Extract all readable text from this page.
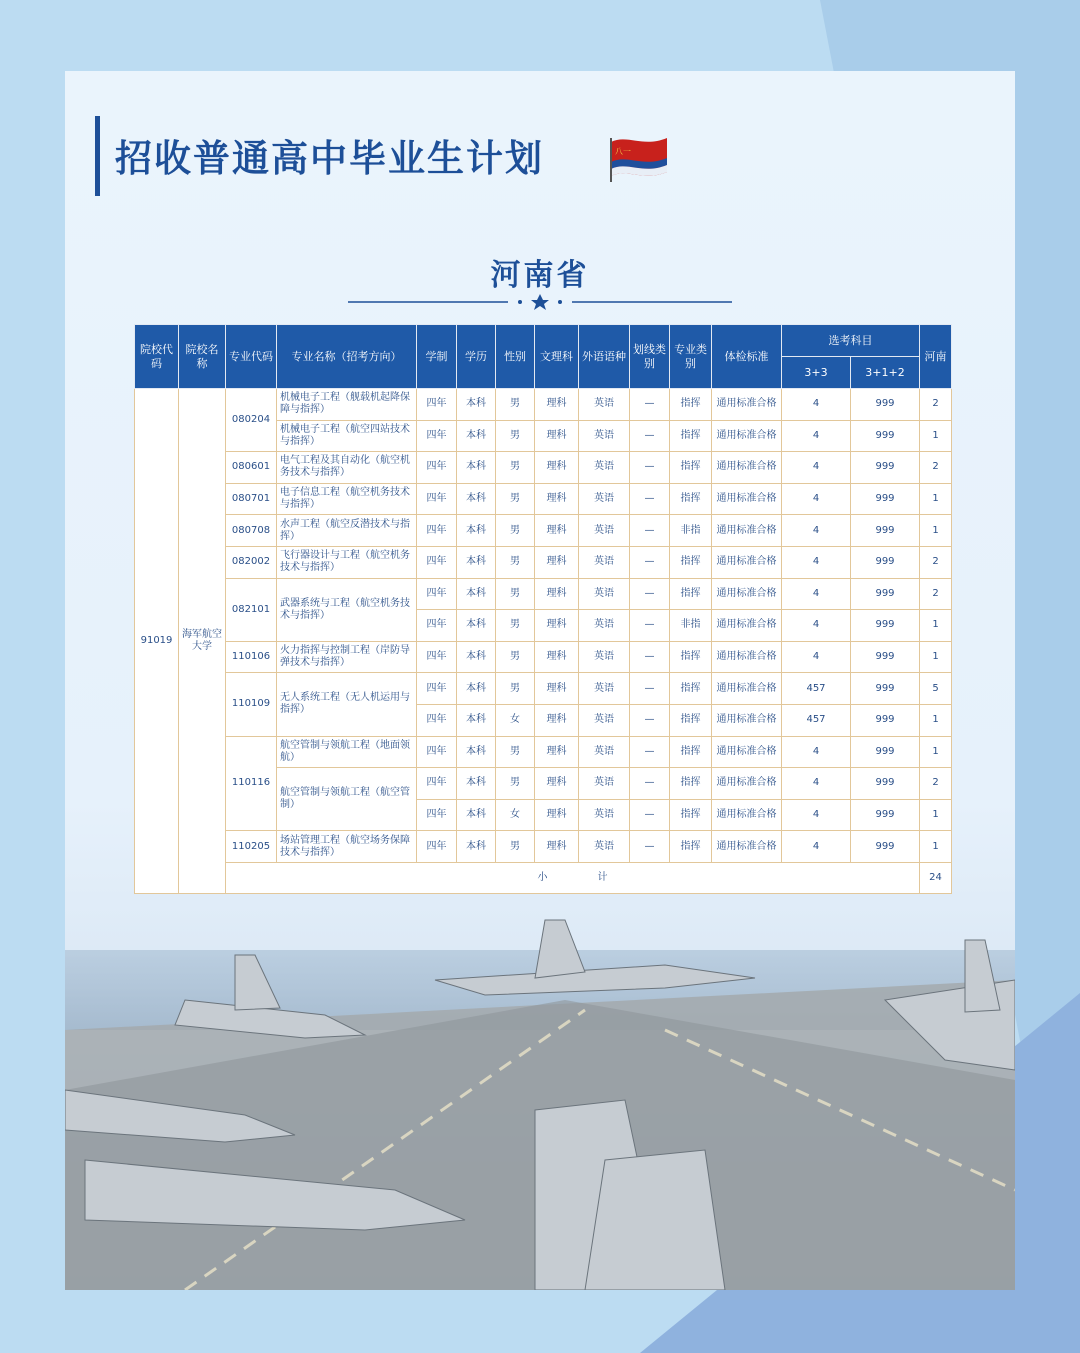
招收普通高中毕业生计划	八一
河南省
院校代码	院校名称	专业代码	专业名称（招考方向）	学制	学历	性别	文理科	外语语种	划线类别	专业类别	体检标准	选考科目		河南
												3+3	3+1+2	
91019	海军航空大学	080204	机械电子工程（舰载机起降保障与指挥）	四年	本科	男	理科	英语	—	指挥	通用标准合格	4	999	2
			机械电子工程（航空四站技术与指挥）	四年	本科	男	理科	英语	—	指挥	通用标准合格	4	999	1
		080601	电气工程及其自动化（航空机务技术与指挥）	四年	本科	男	理科	英语	—	指挥	通用标准合格	4	999	2
		080701	电子信息工程（航空机务技术与指挥）	四年	本科	男	理科	英语	—	指挥	通用标准合格	4	999	1
		080708	水声工程（航空反潜技术与指挥）	四年	本科	男	理科	英语	—	非指	通用标准合格	4	999	1
		082002	飞行器设计与工程（航空机务技术与指挥）	四年	本科	男	理科	英语	—	指挥	通用标准合格	4	999	2
		082101	武器系统与工程（航空机务技术与指挥）	四年	本科	男	理科	英语	—	指挥	通用标准合格	4	999	2
				四年	本科	男	理科	英语	—	非指	通用标准合格	4	999	1
		110106	火力指挥与控制工程（岸防导弹技术与指挥）	四年	本科	男	理科	英语	—	指挥	通用标准合格	4	999	1
		110109	无人系统工程（无人机运用与指挥）	四年	本科	男	理科	英语	—	指挥	通用标准合格	457	999	5
				四年	本科	女	理科	英语	—	指挥	通用标准合格	457	999	1
		110116	航空管制与领航工程（地面领航）	四年	本科	男	理科	英语	—	指挥	通用标准合格	4	999	1
			航空管制与领航工程（航空管制）	四年	本科	男	理科	英语	—	指挥	通用标准合格	4	999	2
				四年	本科	女	理科	英语	—	指挥	通用标准合格	4	999	1
		110205	场站管理工程（航空场务保障技术与指挥）	四年	本科	男	理科	英语	—	指挥	通用标准合格	4	999	1
		小　　　　　计												24
